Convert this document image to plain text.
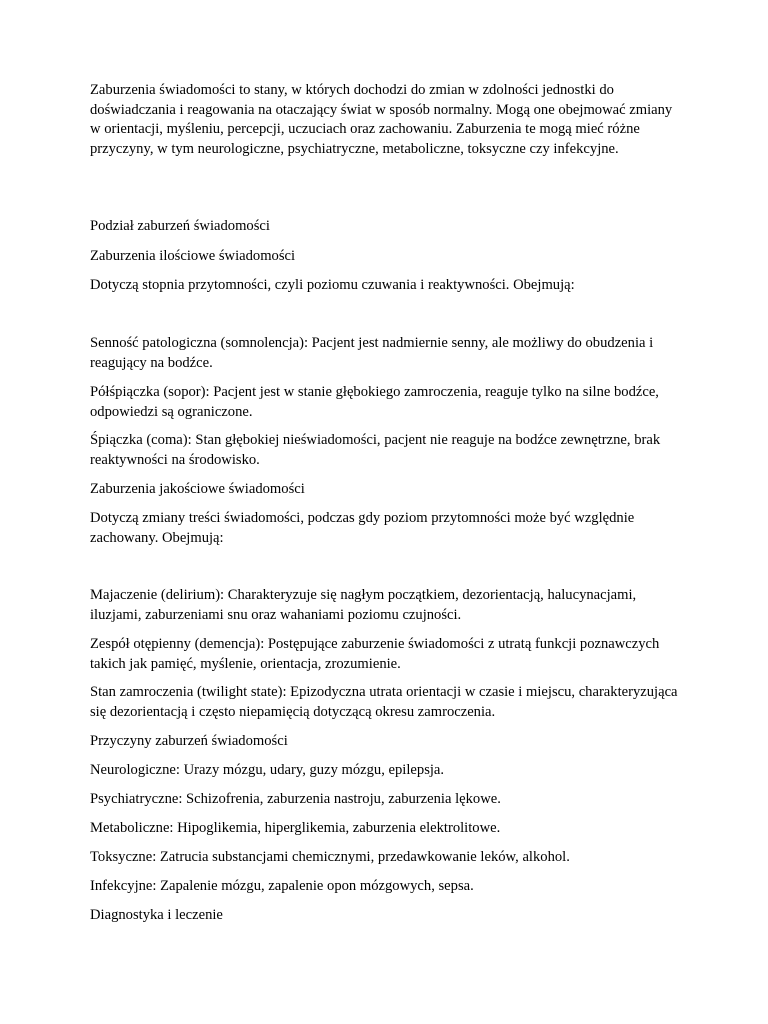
Zaburzenia świadomości to stany, w których dochodzi do zmian w zdolności jednostki do doświadczania i reagowania na otaczający świat w sposób normalny. Mogą one obejmować zmiany w orientacji, myśleniu, percepcji, uczuciach oraz zachowaniu. Zaburzenia te mogą mieć różne przyczyny, w tym neurologiczne, psychiatryczne, metaboliczne, toksyczne czy infekcyjne.

Podział zaburzeń świadomości

Zaburzenia ilościowe świadomości

Dotyczą stopnia przytomności, czyli poziomu czuwania i reaktywności. Obejmują:

Senność patologiczna (somnolencja): Pacjent jest nadmiernie senny, ale możliwy do obudzenia i reagujący na bodźce.

Półśpiączka (sopor): Pacjent jest w stanie głębokiego zamroczenia, reaguje tylko na silne bodźce, odpowiedzi są ograniczone.

Śpiączka (coma): Stan głębokiej nieświadomości, pacjent nie reaguje na bodźce zewnętrzne, brak reaktywności na środowisko.

Zaburzenia jakościowe świadomości

Dotyczą zmiany treści świadomości, podczas gdy poziom przytomności może być względnie zachowany. Obejmują:

Majaczenie (delirium): Charakteryzuje się nagłym początkiem, dezorientacją, halucynacjami, iluzjami, zaburzeniami snu oraz wahaniami poziomu czujności.

Zespół otępienny (demencja): Postępujące zaburzenie świadomości z utratą funkcji poznawczych takich jak pamięć, myślenie, orientacja, zrozumienie.

Stan zamroczenia (twilight state): Epizodyczna utrata orientacji w czasie i miejscu, charakteryzująca się dezorientacją i często niepamięcią dotyczącą okresu zamroczenia.

Przyczyny zaburzeń świadomości

Neurologiczne: Urazy mózgu, udary, guzy mózgu, epilepsja.

Psychiatryczne: Schizofrenia, zaburzenia nastroju, zaburzenia lękowe.

Metaboliczne: Hipoglikemia, hiperglikemia, zaburzenia elektrolitowe.

Toksyczne: Zatrucia substancjami chemicznymi, przedawkowanie leków, alkohol.

Infekcyjne: Zapalenie mózgu, zapalenie opon mózgowych, sepsa.

Diagnostyka i leczenie
